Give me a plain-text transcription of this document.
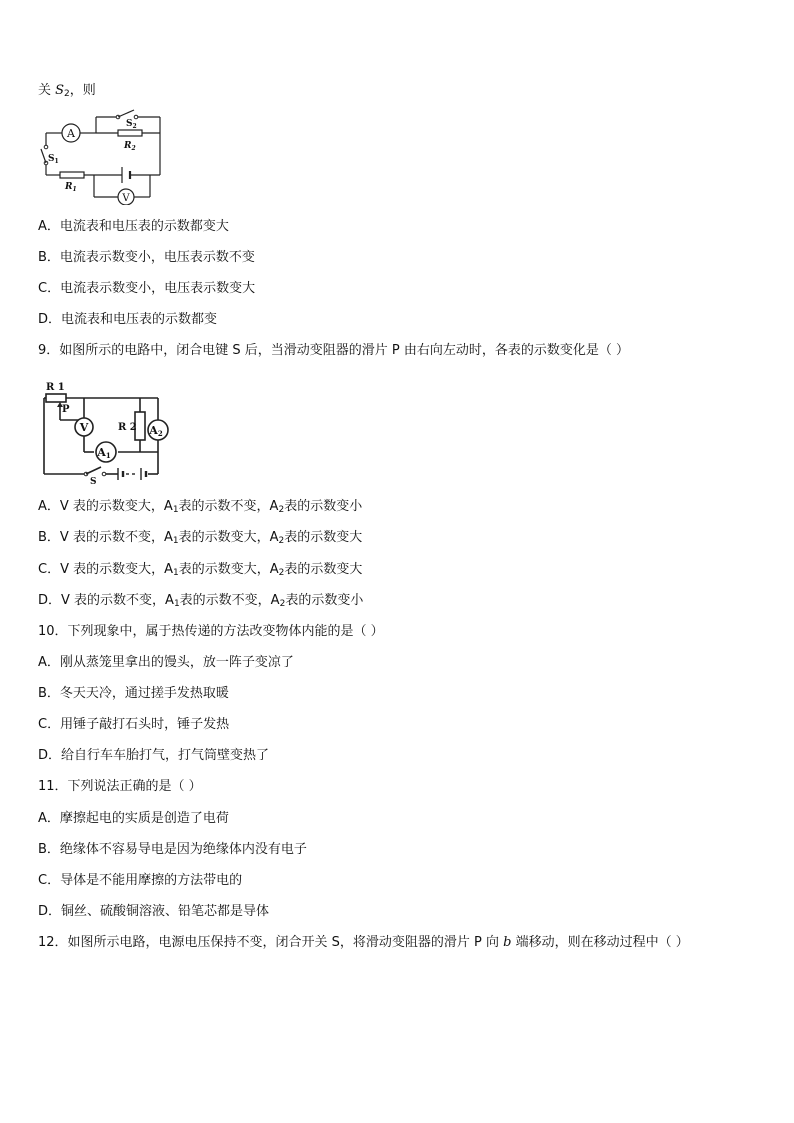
关 $S_2$，则
A
V
$S_1$
$S_2$
$R_2$
$R_1$
A．电流表和电压表的示数都变大
B．电流表示数变小，电压表示数不变
C．电流表示数变小，电压表示数变大
D．电流表和电压表的示数都变
9．如图所示的电路中，闭合电键 S 后，当滑动变阻器的滑片 P 由右向左动时，各表的示数变化是（ ）
V
A1
A2
R 1
P
R 2
S
A．V 表的示数变大，$A_1$表的示数不变，$A_2$表的示数变小
B．V 表的示数不变，$A_1$表的示数变大，$A_2$表的示数变大
C．V 表的示数变大，$A_1$表的示数变大，$A_2$表的示数变大
D．V 表的示数不变，$A_1$表的示数不变，$A_2$表的示数变小
10．下列现象中，属于热传递的方法改变物体内能的是（ ）
A．刚从蒸笼里拿出的馒头，放一阵子变凉了
B．冬天天冷，通过搓手发热取暖
C．用锤子敲打石头时，锤子发热
D．给自行车车胎打气，打气筒壁变热了
11．下列说法正确的是（ ）
A．摩擦起电的实质是创造了电荷
B．绝缘体不容易导电是因为绝缘体内没有电子
C．导体是不能用摩擦的方法带电的
D．铜丝、硫酸铜溶液、铅笔芯都是导体
12．如图所示电路，电源电压保持不变，闭合开关 S，将滑动变阻器的滑片 P 向 b 端移动，则在移动过程中（ ）
